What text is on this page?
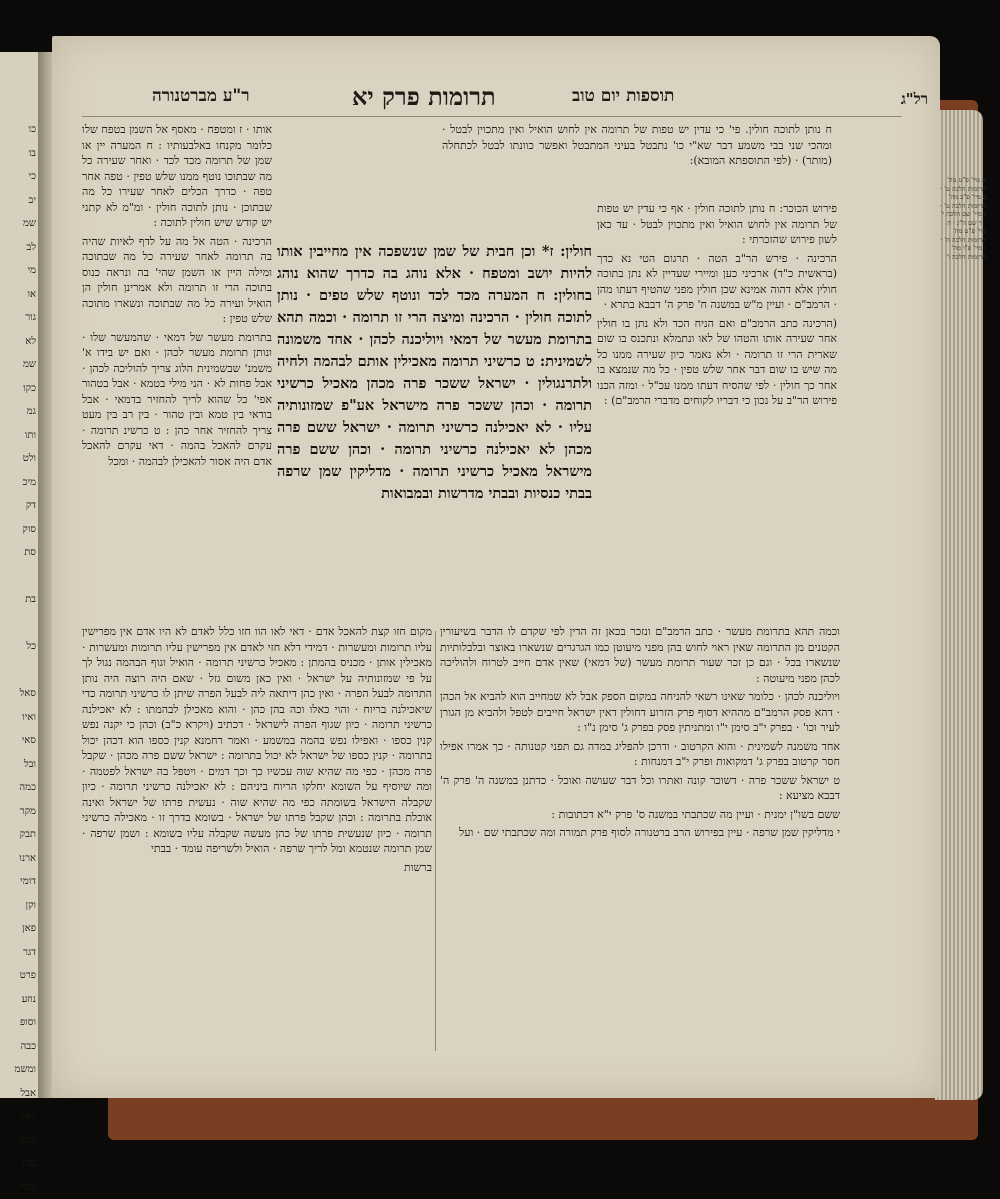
כו
בו
כי
יב
שמ
לב
מי
או
גור
לא
שמ
כקו
גמ
ותו
ולט
מיכ
דק
סוק
סת

בת

כל

סאל
ואיו
סאי
ובל
כמה
מקר
תבק
ארנו
דומי
וקן
פאן
דגר
פרט
נוזע
וסופ
כבה
ומשמ
אבל
ראוי
קטני
ענין
וסרי
רל"ג
תרומות פרק יא	תוספות יום טוב
ר"ע מברטנורה
ח נותן לתוכה חולין. פי' כי עדין יש טפות של תרומה אין לחוש הואיל ואין מתכוין לבטל · ומהכי שני בבי משמע דבר שא"י כו' נתבטל בעיני המתבטל ואפשר כוונתו לבטל לכתחלה (מותר) · (לפי התוספתא המובא):
חולין: ז* וכן חבית של שמן שנשפכה אין מחייבין אותו להיות יושב ומטפח · אלא נוהג בה כדרך שהוא נוהג בחולין: ח המערה מכד לכד ונוטף שלש טפים · נותן לתוכה חולין · הרכינה ומיצה הרי זו תרומה · וכמה תהא בתרומת מעשר של דמאי ויוליכנה לכהן · אחד משמונה לשמינית: ט כרשיני תרומה מאכילין אותם לבהמה ולחיה ולתרנגולין · ישראל ששכר פרה מכהן מאכיל כרשיני תרומה · וכהן ששכר פרה מישראל אע"פ שמזונותיה עליו · לא יאכילנה כרשיני תרומה · ישראל ששם פרה מכהן לא יאכילנה כרשיני תרומה · וכהן ששם פרה מישראל מאכיל כרשיני תרומה · מדליקין שמן שרפה בבתי כנסיות ובבתי מדרשות ובמבואות

פירוש הכוכר: ח נותן לתוכה חולין · אף כי עדין יש טפות של תרומה אין לחוש הואיל ואין מתכוין לבטל · עד כאן לשון פירוש שהזכרתי :

הרכינה · פירש הר"ב הטה · תרגום הטי נא כדך (בראשית כ"ד) ארכיני כען ומיירי שעדיין לא נתן בתוכה חולין אלא דהוה אמינא שכן חולין מפני שהטיף דעתו מהן · הרמב"ם · ועיין מ"ש במשנה ח' פרק ה' דבבא בתרא ·

(הרכינה כתב הרמב"ם ואם הניח הכד ולא נתן בו חולין אחר שעירה אותו והטהו של לאו ונתמלא ונתכנס בו שום שארית הרי זו תרומה · ולא נאמר כיון שעירה ממנו כל מה שיש בו שום דבר אחר שלש טפין · כל מה שנמצא בו אחר כך חולין · לפי שהסיח דעתו ממנו עכ"ל · ומזה הכנו פירוש הר"ב על נכון כי דבריו לקוחים מדברי הרמב"ם) :

וכמה תהא בתרומת מעשר · כתב הרמב"ם ונזכר בכאן זה הדין לפי שקדם לו הדבר בשיעורין הקטנים מן התרומה שאין ראוי לחוש בהן מפני מיעוטן כמו הגרגרים שנשארו באוצר ובלבלותיות שנשארו בכל · וגם כן זכר שעור תרומת מעשר (של דמאי) שאין אדם חייב לטרוח ולהוליכה לכהן מפני מיעוטה :

ויוליכנה לכהן · כלומר שאינו רשאי להניחה במקום הספק אבל לא שמחייב הוא להביא אל הכהן · דהא פסק הרמב"ם מההיא דסוף פרק הזרוע דחולין דאין ישראל חייבים לטפל ולהביא מן הגורן לעיר וכו' · בפרק י"ב סימן י"ו ומתניתין פסק בפרק ג' סימן נ"ו :

אחד משמנה לשמינית · והוא הקרטוב · ודרכן להפליג במדה גם תפני קטנותה · כך אמרו אפילו חסר קרטוב בפרק ג' דמקואות ופרק י"ב דמנחות :

ט ישראל ששכר פרה · דשוכר קונה ואתרו וכל דבר שעושה ואוכל · כדתנן במשנה ה' פרק ה' דבבא מציעא :

ששם בשו"ן ימנית · ועיין מה שכתבתי במשנה ס' פרק י"א דכתובות :

י מדליקין שמן שרפה · עיין בפירוש הרב ברטנורה לסוף פרק תמורה ומה שכתבתי שם · ועל

אותו · ז ומטפח · מאסף אל השמן בטפח שלו כלומר מקנחו באלבעותיו : ח המערה יין או שמן של תרומה מכד לכד · ואחר שעירה כל מה שבתוכו נוטף ממנו שלש טפין · טפה אחר טפה · כדרך הכלים לאחר שעירו כל מה שבתוכן · נותן לתוכה חולין · ומ"מ לא קתני יש קודש שיש חולין לתוכה :

הרכינה · הטה אל מה על לדף לאיות שהיה בה תרומה לאחר שעירה כל מה שבתוכה ומילה היין או השמן שהי' בה ונראה כנוס בתוכה הרי זו תרומה ולא אמרינן חולין הן הואיל ועירה כל מה שבתוכה ונשארו מתוכה שלש טפין :

בתרומת מעשר של דמאי · שהמעשר שלו · ונותן תרומת מעשר לכהן · ואם יש בידו א' משמנ' שבשמינית הלוג צריך להוליכה לכהן · אבל פחות לא · הני מילי בטמא · אבל בטהור אפי' כל שהוא לריך להחזיר בדמאי · אבל בודאי בין טמא ובין טהור · בין רב בין מעט צריך להחזיר אחר כהן : ט כרשינ תרומה · עקרם להאכל בהמה · דאי עקרם להאכל אדם היה אסור להאכילן לבהמה · ומכל

מקום חזו קצת להאכל אדם · דאי לאו הוו חזו כלל לאדם לא היו אדם אין מפרישין עליו תרומות ומעשרות · דמידי דלא חזי לאדם אין מפרישין עליו תרומות ומעשרות · מאכילין אותן · מכניס בהמתן : מאכיל כרשיני תרומה · הואיל וגוף הבהמה נגול לך על פי שמזונותיה על ישראל · ואין כאן משום גזל · שאם היה רוצה היה נותן התרומה לבעל הפרה · ואין כהן דיתאה ליה לבעל הפרה שיתן לו כרשיני תרומה כדי שיאכילנה בריוח · והוי כאלו וכה בהן כהן · והוא מאכילן לבהמתו : לא יאכילנה כרשיני תרומה · כיון שגוף הפרה לישראל · דכתיב (ויקרא כ"ב) וכהן כי יקנה נפש קנין כספו · ואפילו נפש בהמה במשמע · ואמר רחמנא קנין כספו הוא דכהן יכול בתרומה · קנין כספו של ישראל לא יכול בתרומה : ישראל ששם פרה מכהן · שקבל פרה מכהן · כפי מה שהיא שוה עכשיו כך וכך דמים · ויטפל בה ישראל לפטמה · ומה שיוסיף על השומא יחלקו הריוח ביניהם : לא יאכילנה כרשיני תרומה · כיון שקבלה הישראל בשומתה כפי מה שהיא שוה · נעשית פרתו של ישראל ואינה אוכלת בתרומה : וכהן שקבל פרתו של ישראל · בשומא בדרך זו · מאכילה כרשיני תרומה · כיון שנעשית פרתו של כהן מעשה שקבלה עליו בשומא : ושמן שרפה · שמן תרומה שנטמא ומל לריך שרפה · הואיל ולשריפה עומד · בבתי

ברשות

א מיי' פ"ט מה' תרומות הלכה ט' · ב מיי' פ"ב מה' תרומות הלכה ט' · ג מיי' שם הלכה י' · ד שם ה"ג · ה מיי' פ"ט מה' תרומות הלכה ה' · ו מיי' פ"ו מה' תרומות הלכה ו'
